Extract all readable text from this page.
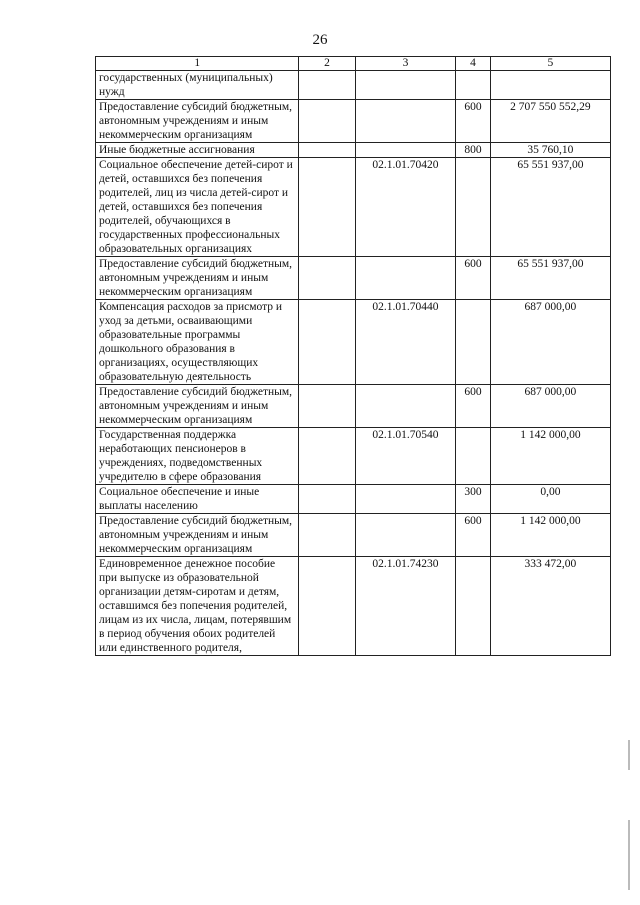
26
1	2	3	4	5
государственных (муниципальных) нужд				
Предоставление субсидий бюджетным, автономным учреждениям и иным некоммерческим организациям			600	2 707 550 552,29
Иные бюджетные ассигнования			800	35 760,10
Социальное обеспечение детей-сирот и детей, оставшихся без попечения родителей, лиц из числа детей-сирот и детей, оставшихся без попечения родителей, обучающихся в государственных профессиональных образовательных организациях		02.1.01.70420		65 551 937,00
Предоставление субсидий бюджетным, автономным учреждениям и иным некоммерческим организациям			600	65 551 937,00
Компенсация расходов за присмотр и уход за детьми, осваивающими образовательные программы дошкольного образования в организациях, осуществляющих образовательную деятельность		02.1.01.70440		687 000,00
Предоставление субсидий бюджетным, автономным учреждениям и иным некоммерческим организациям			600	687 000,00
Государственная поддержка неработающих пенсионеров в учреждениях, подведомственных учредителю в сфере образования		02.1.01.70540		1 142 000,00
Социальное обеспечение и иные выплаты населению			300	0,00
Предоставление субсидий бюджетным, автономным учреждениям и иным некоммерческим организациям			600	1 142 000,00
Единовременное денежное пособие при выпуске из образовательной организации детям-сиротам и детям, оставшимся без попечения родителей, лицам из их числа, лицам, потерявшим в период обучения обоих родителей или единственного родителя,		02.1.01.74230		333 472,00
